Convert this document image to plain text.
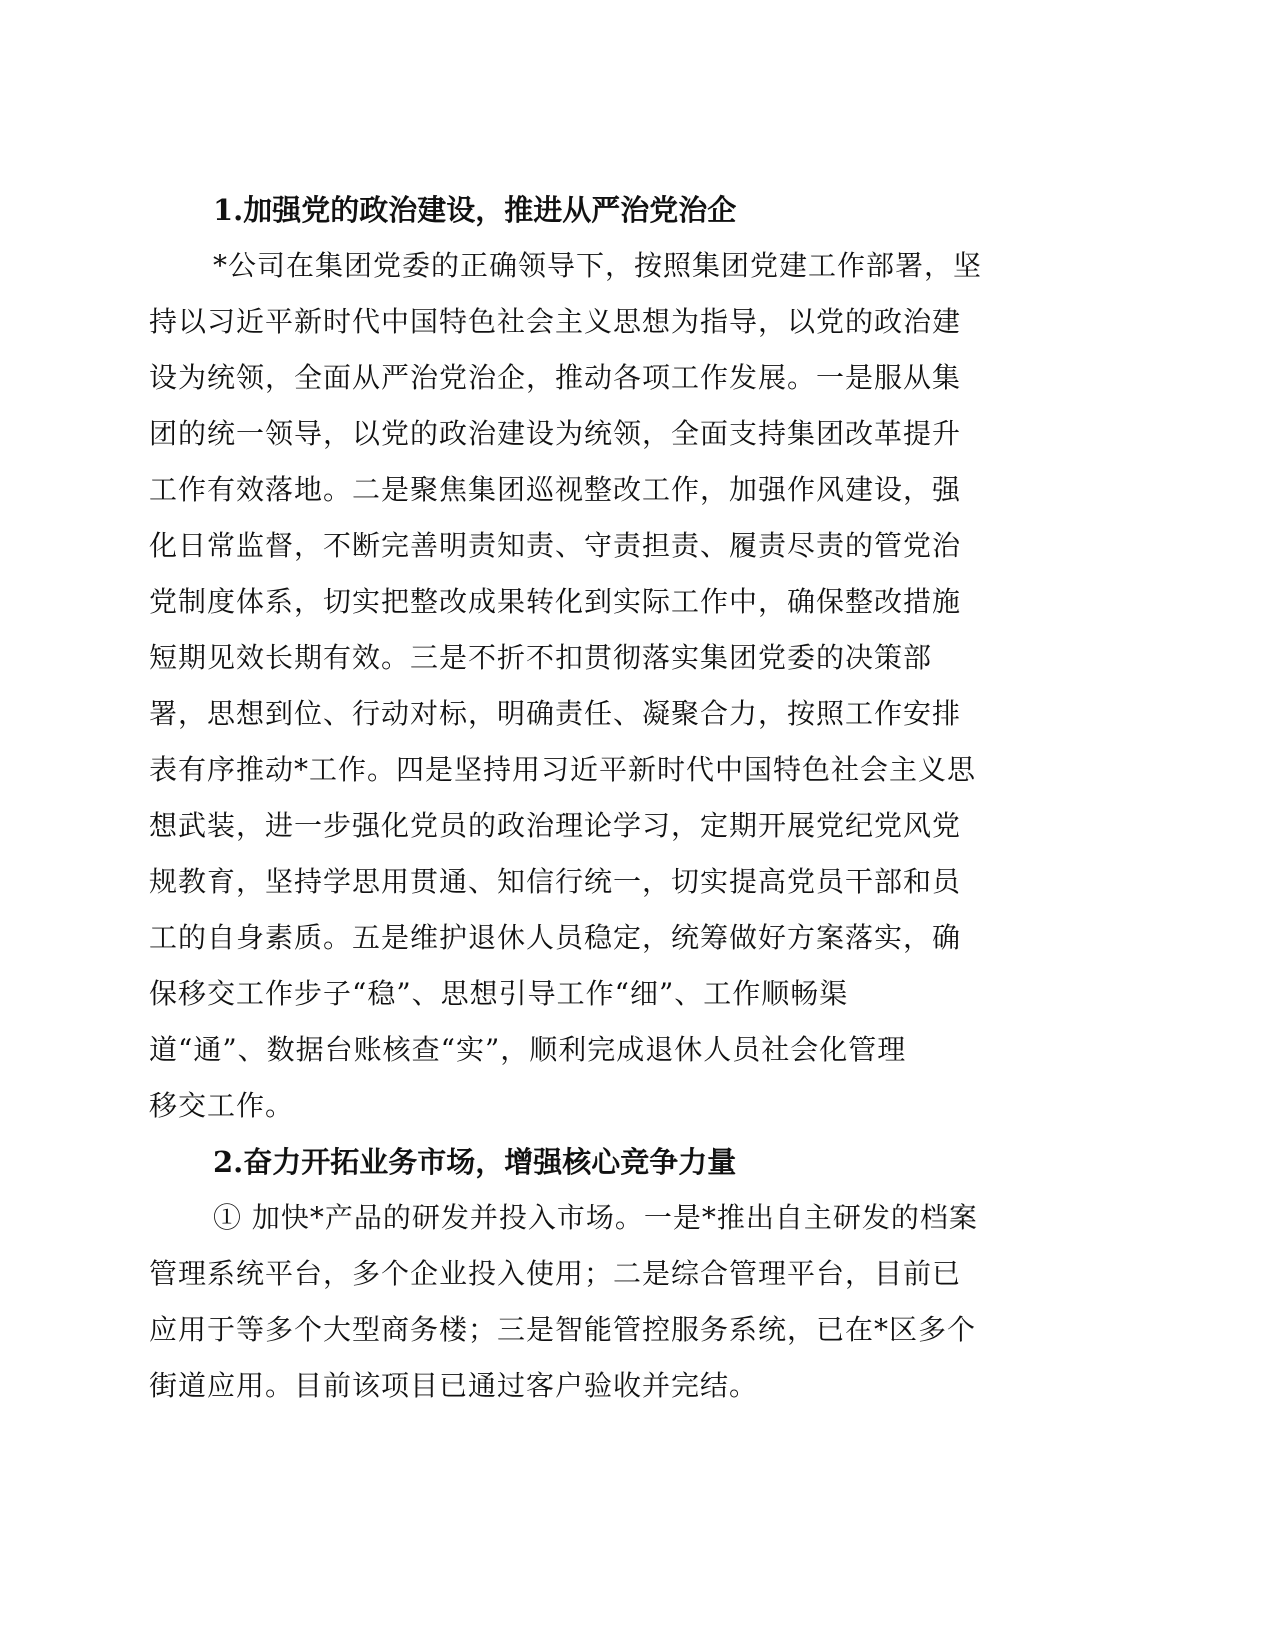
1.加强党的政治建设，推进从严治党治企
*公司在集团党委的正确领导下，按照集团党建工作部署，坚
持以习近平新时代中国特色社会主义思想为指导，以党的政治建
设为统领，全面从严治党治企，推动各项工作发展。一是服从集
团的统一领导，以党的政治建设为统领，全面支持集团改革提升
工作有效落地。二是聚焦集团巡视整改工作，加强作风建设，强
化日常监督，不断完善明责知责、守责担责、履责尽责的管党治
党制度体系，切实把整改成果转化到实际工作中，确保整改措施
短期见效长期有效。三是不折不扣贯彻落实集团党委的决策部
署，思想到位、行动对标，明确责任、凝聚合力，按照工作安排
表有序推动*工作。四是坚持用习近平新时代中国特色社会主义思
想武装，进一步强化党员的政治理论学习，定期开展党纪党风党
规教育，坚持学思用贯通、知信行统一，切实提高党员干部和员
工的自身素质。五是维护退休人员稳定，统筹做好方案落实，确
保移交工作步子“稳”、思想引导工作“细”、工作顺畅渠
道“通”、数据台账核查“实”，顺利完成退休人员社会化管理
移交工作。
2.奋力开拓业务市场，增强核心竞争力量
① 加快*产品的研发并投入市场。一是*推出自主研发的档案
管理系统平台，多个企业投入使用；二是综合管理平台，目前已
应用于等多个大型商务楼；三是智能管控服务系统，已在*区多个
街道应用。目前该项目已通过客户验收并完结。
